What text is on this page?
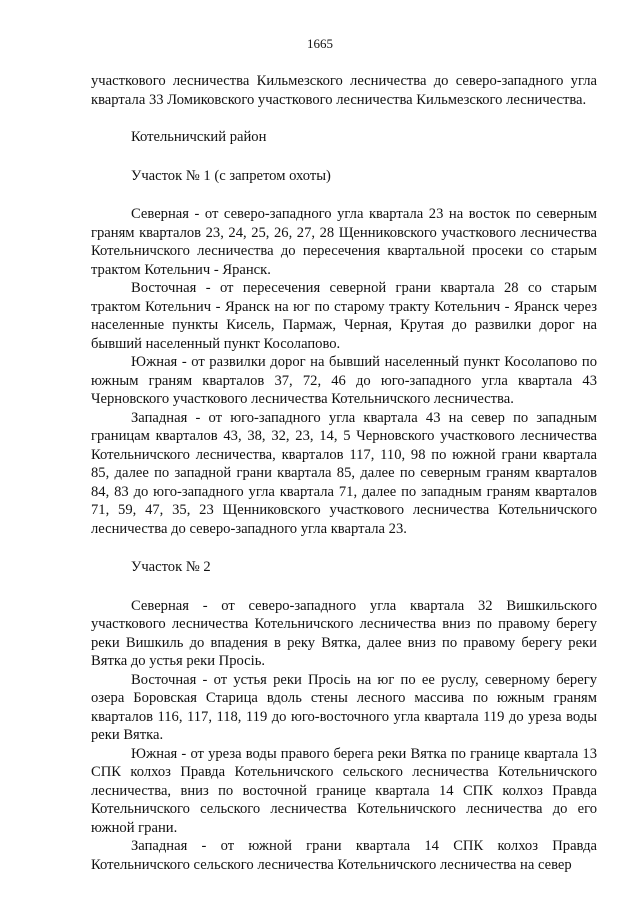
1665

участкового лесничества Кильмезского лесничества до северо-западного угла квартала 33 Ломиковского участкового лесничества Кильмезского лесничества.

Котельничский район

Участок № 1 (с запретом охоты)

Северная - от северо-западного угла квартала 23 на восток по северным граням кварталов 23, 24, 25, 26, 27, 28 Щенниковского участкового лесничества Котельничского лесничества до пересечения квартальной просеки со старым трактом Котельнич - Яранск.

Восточная - от пересечения северной грани квартала 28 со старым трактом Котельнич - Яранск на юг по старому тракту Котельнич - Яранск через населенные пункты Кисель, Пармаж, Черная, Крутая до развилки дорог на бывший населенный пункт Косолапово.

Южная - от развилки дорог на бывший населенный пункт Косолапово по южным граням кварталов 37, 72, 46 до юго-западного угла квартала 43 Черновского участкового лесничества Котельничского лесничества.

Западная - от юго-западного угла квартала 43 на север по западным границам кварталов 43, 38, 32, 23, 14, 5 Черновского участкового лесничества Котельничского лесничества, кварталов 117, 110, 98 по южной грани квартала 85, далее по западной грани квартала 85, далее по северным граням кварталов 84, 83 до юго-западного угла квартала 71, далее по западным граням кварталов 71, 59, 47, 35, 23 Щенниковского участкового лесничества Котельничского лесничества до северо-западного угла квартала 23.

Участок № 2

Северная - от северо-западного угла квартала 32 Вишкильского участкового лесничества Котельничского лесничества вниз по правому берегу реки Вишкиль до впадения в реку Вятка, далее вниз по правому берегу реки Вятка до устья реки Просіь.

Восточная - от устья реки Просіь на юг по ее руслу, северному берегу озера Боровская Старица вдоль стены лесного массива по южным граням кварталов 116, 117, 118, 119 до юго-восточного угла квартала 119 до уреза воды реки Вятка.

Южная - от уреза воды правого берега реки Вятка по границе квартала 13 СПК колхоз Правда Котельничского сельского лесничества Котельничского лесничества, вниз по восточной границе квартала 14 СПК колхоз Правда Котельничского сельского лесничества Котельничского лесничества до его южной грани.

Западная - от южной грани квартала 14 СПК колхоз Правда Котельничского сельского лесничества Котельничского лесничества на север
